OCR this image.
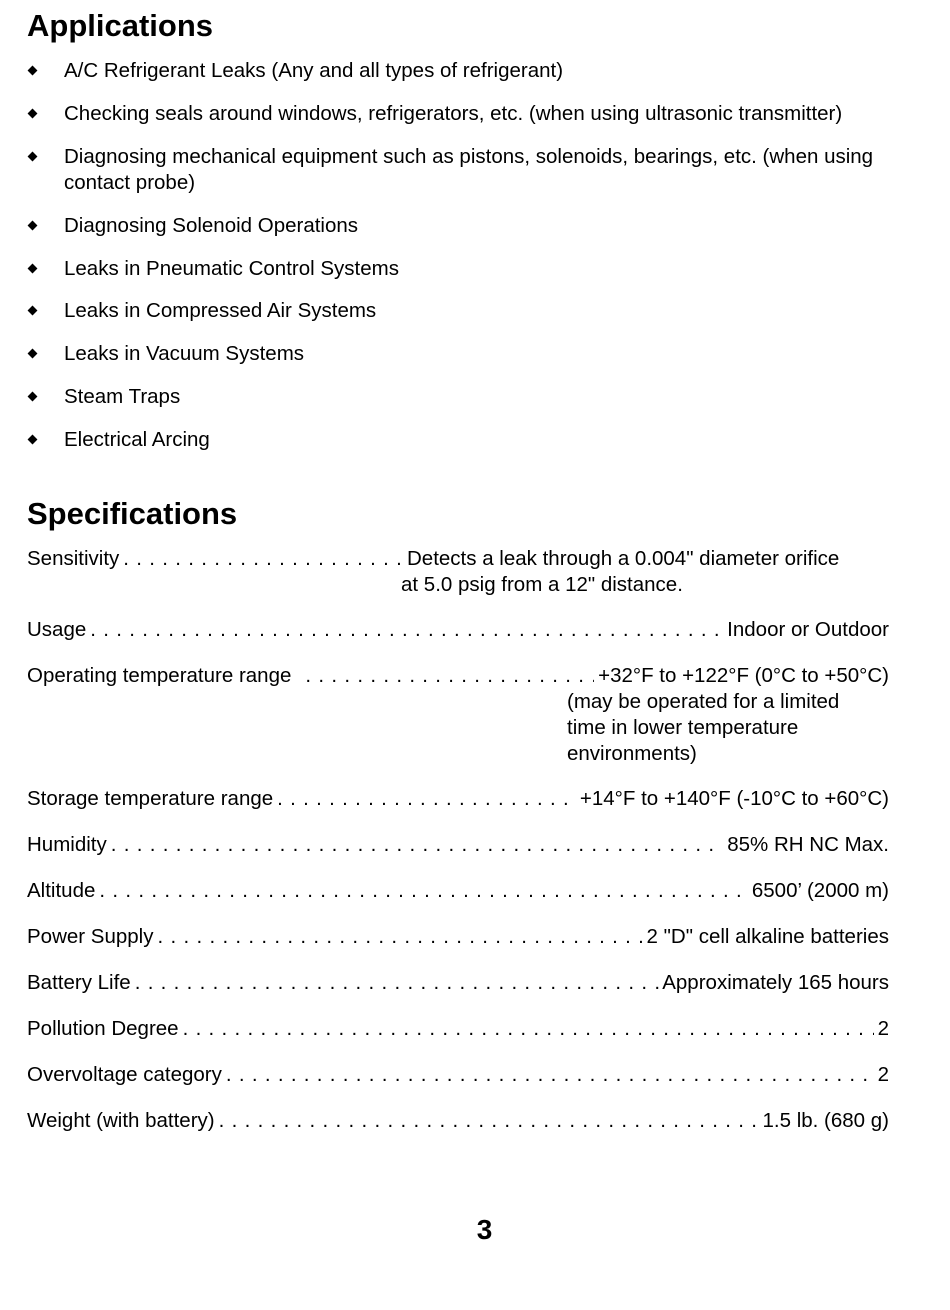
Applications
A/C Refrigerant Leaks (Any and all types of refrigerant)
Checking seals around windows, refrigerators, etc. (when using ultrasonic transmitter)
Diagnosing mechanical equipment such as pistons, solenoids, bearings, etc. (when using contact probe)
Diagnosing Solenoid Operations
Leaks in Pneumatic Control Systems
Leaks in Compressed Air Systems
Leaks in Vacuum Systems
Steam Traps
Electrical Arcing
Specifications
Sensitivity . . .	Detects a leak through a 0.004" diameter orifice
at 5.0 psig from a 12" distance.
Usage . . .	Indoor or Outdoor
Operating temperature range . . .	+32°F to +122°F (0°C to +50°C)
(may be operated for a limited
time in lower temperature
environments)
Storage temperature range . . .	+14°F to +140°F (-10°C to +60°C)
Humidity . . .	85% RH NC Max.
Altitude . . .	6500’ (2000 m)
Power Supply . . .	2 "D" cell alkaline batteries
Battery Life . . .	Approximately 165 hours
Pollution Degree . . .	2
Overvoltage category . . .	2
Weight (with battery) . . .	1.5 lb. (680 g)
3
